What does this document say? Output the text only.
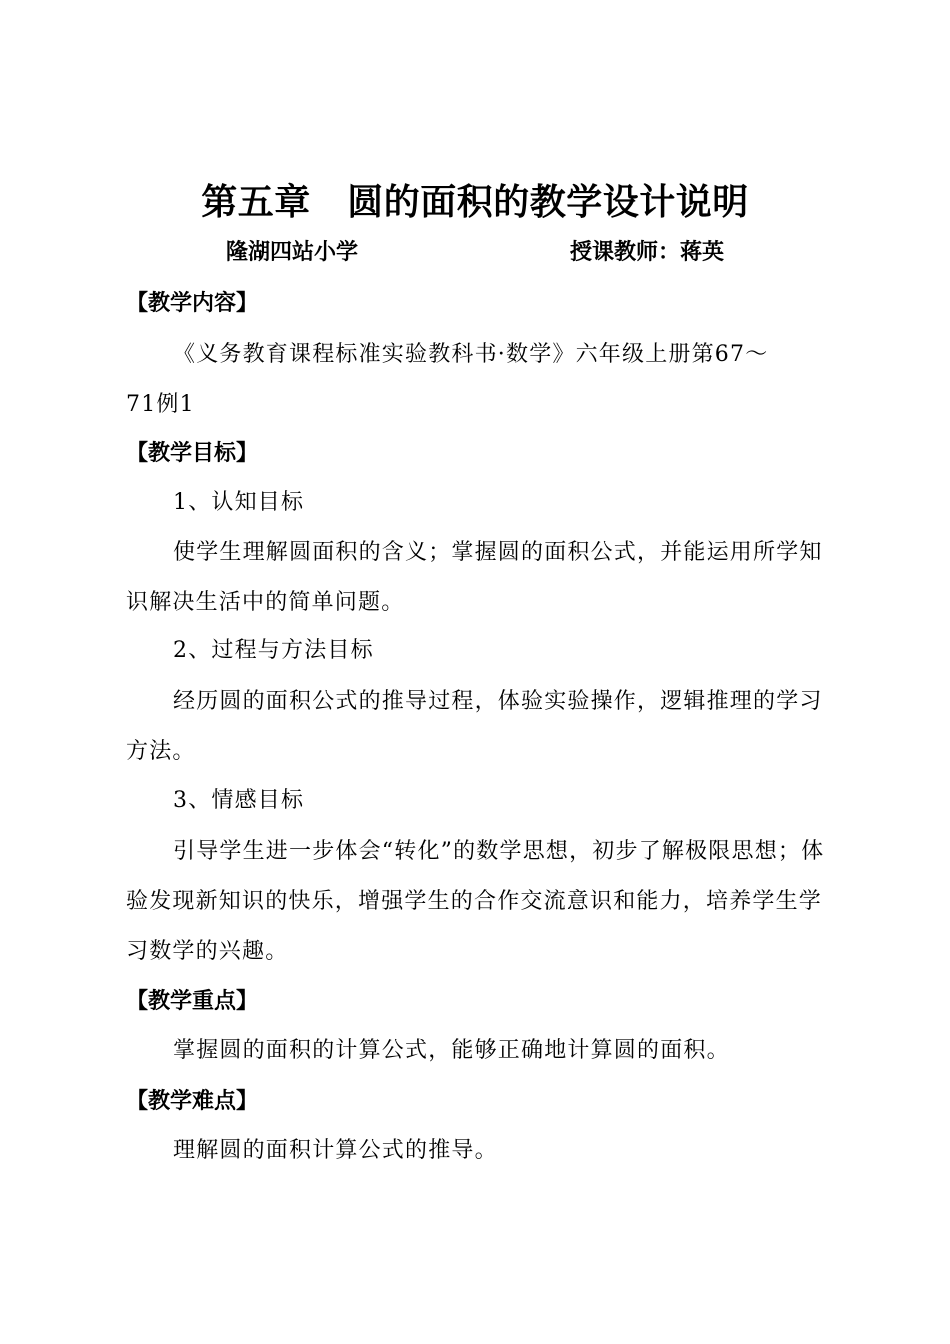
第五章　圆的面积的教学设计说明
隆湖四站小学	授课教师：蒋英
【教学内容】
《义务教育课程标准实验教科书·数学》六年级上册第67～
71例1
【教学目标】
1、认知目标
使学生理解圆面积的含义；掌握圆的面积公式，并能运用所学知识解决生活中的简单问题。
2、过程与方法目标
经历圆的面积公式的推导过程，体验实验操作，逻辑推理的学习方法。
3、情感目标
引导学生进一步体会“转化”的数学思想，初步了解极限思想；体验发现新知识的快乐，增强学生的合作交流意识和能力，培养学生学习数学的兴趣。
【教学重点】
掌握圆的面积的计算公式，能够正确地计算圆的面积。
【教学难点】
理解圆的面积计算公式的推导。
